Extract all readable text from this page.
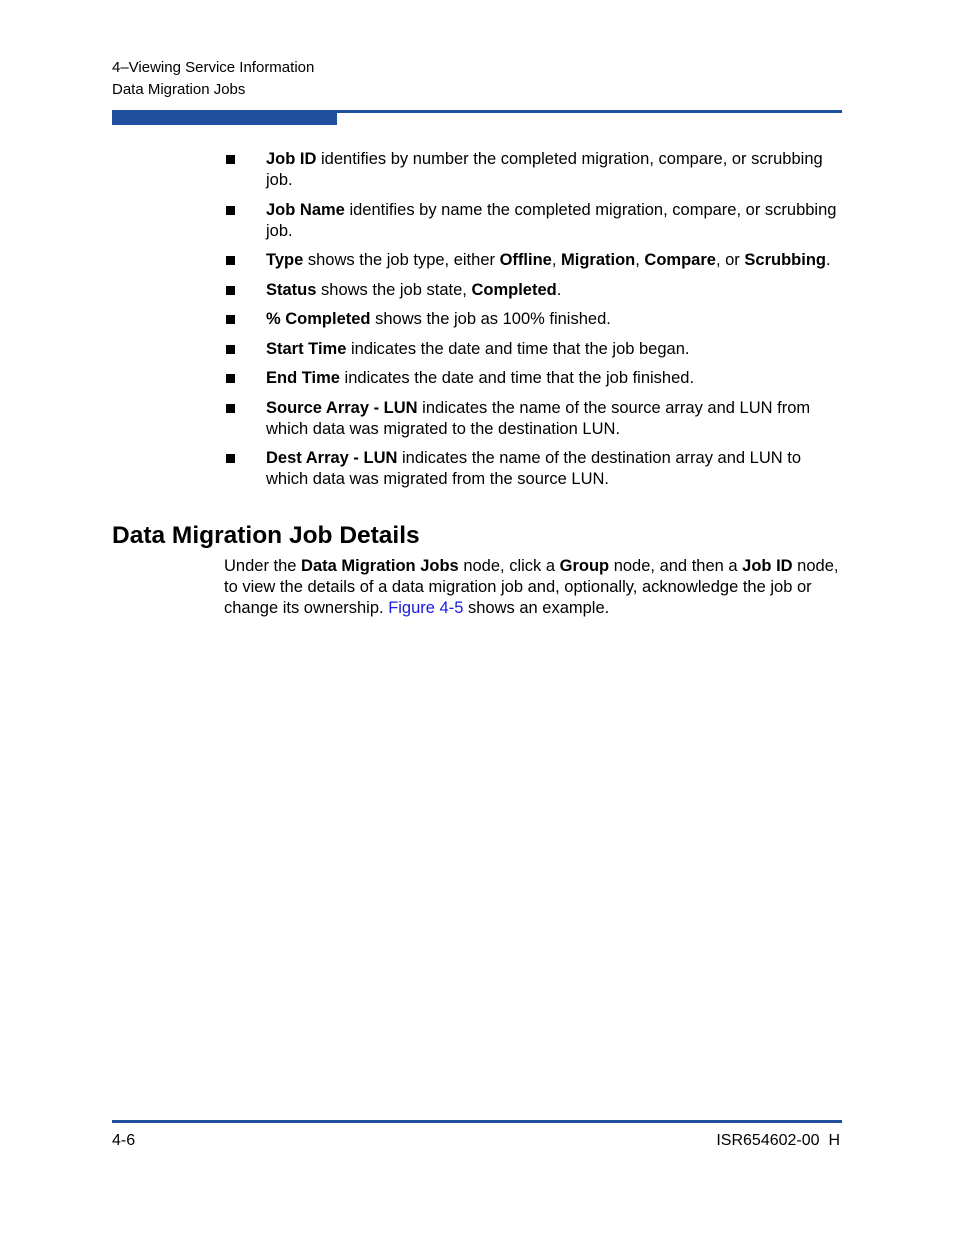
4–Viewing Service Information
Data Migration Jobs
Job ID identifies by number the completed migration, compare, or scrubbing job.
Job Name identifies by name the completed migration, compare, or scrubbing job.
Type shows the job type, either Offline, Migration, Compare, or Scrubbing.
Status shows the job state, Completed.
% Completed shows the job as 100% finished.
Start Time indicates the date and time that the job began.
End Time indicates the date and time that the job finished.
Source Array - LUN indicates the name of the source array and LUN from which data was migrated to the destination LUN.
Dest Array - LUN indicates the name of the destination array and LUN to which data was migrated from the source LUN.
Data Migration Job Details

Under the Data Migration Jobs node, click a Group node, and then a Job ID node, to view the details of a data migration job and, optionally, acknowledge the job or change its ownership. Figure 4-5 shows an example.

4-6	ISR654602-00  H
